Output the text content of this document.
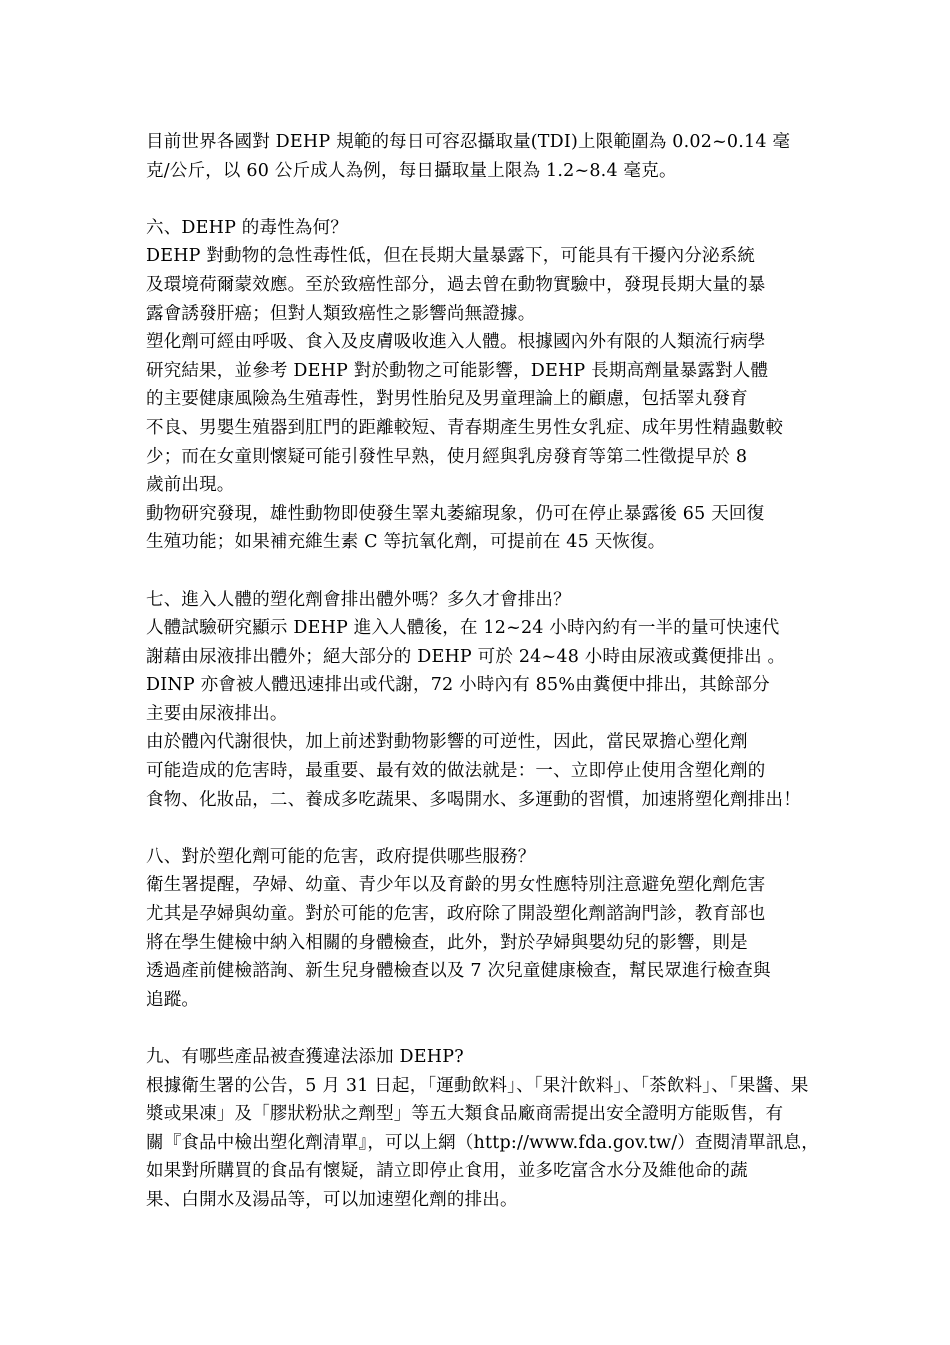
目前世界各國對 DEHP 規範的每日可容忍攝取量(TDI)上限範圍為 0.02~0.14 毫
克/公斤，以 60 公斤成人為例，每日攝取量上限為 1.2~8.4 毫克。
六、DEHP 的毒性為何？
DEHP 對動物的急性毒性低，但在長期大量暴露下，可能具有干擾內分泌系統
及環境荷爾蒙效應。至於致癌性部分，過去曾在動物實驗中，發現長期大量的暴
露會誘發肝癌；但對人類致癌性之影響尚無證據。
塑化劑可經由呼吸、食入及皮膚吸收進入人體。根據國內外有限的人類流行病學
研究結果，並參考 DEHP 對於動物之可能影響，DEHP 長期高劑量暴露對人體
的主要健康風險為生殖毒性，對男性胎兒及男童理論上的顧慮，包括睪丸發育
不良、男嬰生殖器到肛門的距離較短、青春期產生男性女乳症、成年男性精蟲數較
少；而在女童則懷疑可能引發性早熟，使月經與乳房發育等第二性徵提早於 8
歲前出現。
動物研究發現，雄性動物即使發生睪丸萎縮現象，仍可在停止暴露後 65 天回復
生殖功能；如果補充維生素 C 等抗氧化劑，可提前在 45 天恢復。
七、進入人體的塑化劑會排出體外嗎？多久才會排出？
人體試驗研究顯示 DEHP 進入人體後，在 12~24 小時內約有一半的量可快速代
謝藉由尿液排出體外；絕大部分的 DEHP 可於 24~48 小時由尿液或糞便排出 。
DINP 亦會被人體迅速排出或代謝，72 小時內有 85%由糞便中排出，其餘部分
主要由尿液排出。
由於體內代謝很快，加上前述對動物影響的可逆性，因此，當民眾擔心塑化劑
可能造成的危害時，最重要、最有效的做法就是：一、立即停止使用含塑化劑的
食物、化妝品，二、養成多吃蔬果、多喝開水、多運動的習慣，加速將塑化劑排出！
八、對於塑化劑可能的危害，政府提供哪些服務？
衛生署提醒，孕婦、幼童、青少年以及育齡的男女性應特別注意避免塑化劑危害
尤其是孕婦與幼童。對於可能的危害，政府除了開設塑化劑諮詢門診，教育部也
將在學生健檢中納入相關的身體檢查，此外，對於孕婦與嬰幼兒的影響，則是
透過產前健檢諮詢、新生兒身體檢查以及 7 次兒童健康檢查，幫民眾進行檢查與
追蹤。
九、有哪些產品被查獲違法添加 DEHP?
根據衛生署的公告，5 月 31 日起，「運動飲料」、「果汁飲料」、「茶飲料」、「果醬、果
漿或果凍」及「膠狀粉狀之劑型」等五大類食品廠商需提出安全證明方能販售，有
關『食品中檢出塑化劑清單』，可以上網（http://www.fda.gov.tw/）查閱清單訊息，
如果對所購買的食品有懷疑，請立即停止食用，並多吃富含水分及維他命的蔬
果、白開水及湯品等，可以加速塑化劑的排出。
